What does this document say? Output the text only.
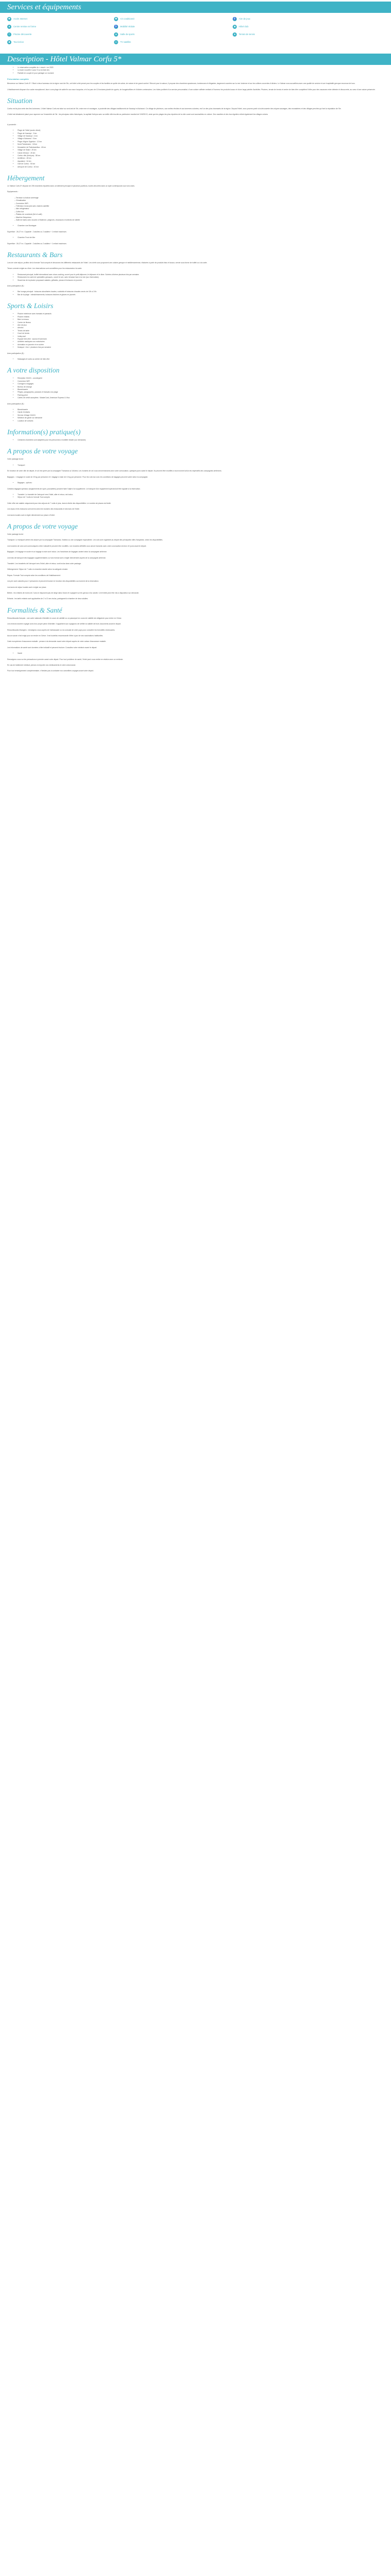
Services et équipements
✱	Accès Internet	✱	Air conditionné	♿ Aire de jeux
●	Centre remise en forme	♿ Mobilité réduite	■	Hôtel club
≈	Piscine découverte	●	Salle de sports	●	Terrain de tennis
■	Tout inclus	▭	TV satellite
Description - Hôtel Valmar Corfu 5*
• Le réservation complète du « resort » en 2023
• La toute nouvelle 4 pour 5 sur la liste des
• Parfaite en couple et pour partager un moment
Présentation complète

Bienvenue au Valmar Corfu 5* ! Situé à deux hameaux de la région nord de l'île, cet hôtel a été pensé pour les couples et les familles en quête de calme, de nature et de grand confort. Rénové pour la saison, il propose des chambres spacieuses, lumineuses et élégantes, largement ouvertes sur la mer Ionienne et sur les collines couvertes d'oliviers. Le Valmar vous accueillera avec une qualité de service et une hospitalité grecque reconnue de tous.

L'établissement dispose d'un cadre exceptionnel, face à une plage de sable fin aux eaux turquoise, et d'un parc de 10 hectares planté de cyprès, de bougainvilliers et d'oliviers centenaires. Les hôtes profitent d'un service personnalisé, d'une cuisine raffinée mettant à l'honneur les produits locaux et d'une large palette d'activités. Piscines, terrain de tennis et centre de bien-être complètent l'offre pour des vacances entre détente et découverte, au cœur d'une nature préservée.

Situation

Corfou est la plus verte des îles Ioniennes. L'hôtel Valmar Corfu est situé au nord-est de l'île, entre mer et montagne, à proximité des villages traditionnels de Kassiopi et Acharavi. Ce village de pêcheurs, aux ruelles étroites et aux tavernes colorées, est l'un des plus charmants de la région. Depuis l'hôtel, vous pourrez partir à la découverte des criques sauvages, des monastères et des villages perchés qui font la réputation de l'île.

L'hôtel est idéalement placé pour rayonner sur l'ensemble de l'île : les principaux sites historiques, la capitale Kerkyra avec sa vieille ville inscrite au patrimoine mondial de l'UNESCO, ainsi que les plages les plus réputées de la côte ouest sont accessibles en voiture. Des navettes et des bus réguliers relient également les villages voisins.

A proximité :

• Plage de l'hôtel (accès direct)
• Plage de Kassiopi : 3 km
• Village de Kassiopi : 4 km
• Village d'Acharavi : 9 km
• Plage d'Agios Spyridon : 12 km
• Mont Pantokrator : 18 km
• Monastère de Paleokastritsa : 45 km
• Village de Sidari : 25 km
• Canal d'Amour : 26 km
• Corfou ville (Kerkyra) : 38 km
• Achilleion : 45 km
• Aqualand : 34 km
• Golf de Corfou : 50 km
• Aéroport de Corfou : 40 km
Hébergement

Le Valmar Corfu 5* dispose de 205 chambres réparties dans un bâtiment principal et plusieurs pavillons, toutes décorées dans un style contemporain aux tons clairs.

Equipements :

– Terrasse ou balcon aménagé
– Climatisation
– Connexion WiFi
– Télévision écran plat avec chaînes satellite
– Mini réfrigérateur
– Coffre-fort
– Plateau de courtoisie (thé et café)
– Machine Nespresso
– Salle de bains avec douche à l'italienne, peignoirs, chaussons et articles de toilette
• Chambre vue Montagne

Superficie : 26-27 m². Capacité : 2 adultes ou 2 adultes + 1 enfant maximum.

• Chambre Front de Mer

Superficie : 26-27 m². Capacité : 2 adultes ou 2 adultes + 1 enfant maximum.

Restaurants & Bars

Lors de votre séjour, profitez de la formule Tout compris et découvrez les différents restaurants de l'hôtel. Les chefs vous proposent une cuisine grecque et méditerranéenne, élaborée à partir de produits frais et locaux, servie sous forme de buffet ou à la carte.

Tenue correcte exigée au dîner. Les réservations sont conseillées pour les restaurants à la carte.

• Restaurant principal, buffet international avec show-cooking, ouvert pour le petit-déjeuner, le déjeuner et le dîner. Soirées à thème plusieurs fois par semaine.
• Restaurant à la carte de spécialités grecques, ouvert le soir, avec terrasse face à la mer (sur réservation).
• Snack bar de la piscine proposant salades, grillades, pizzas et boissons en journée.

Avec participation (€) :

• Bar lounge principal : boissons alcoolisées locales, cocktails et boissons chaudes servis de 10h à 24h.
• Bar de la plage : rafraîchissements, boissons fraîches et glaces en journée.
Sports & Loisirs
• Piscine extérieure avec transats et parasols
• Piscine enfants
• Bain à remous
• Centre de fitness
• Aire de jeux
• Aérobic
• Tennis de table
• Court de tennis
• Volley-ball
• Espace bien-être : sauna et hammam
• Activités nautiques non motorisées
• Animation en journée et en soirée
• Musique « live » plusieurs fois par semaine

Avec participation (€) :

• Massages et soins au centre de bien-être
A votre disposition
• Réception 24h/24 - conciergerie
• Connexion WiFi
• Consigne à bagages
• Bureau de change
• Blanchisserie
• Pièges, paragraphes, parasols et transats à la plage
• Parking privé
• Cartes de crédit acceptées : MasterCard, American Express & Visa

Avec participation (€) :

• Blanchisserie
• Garde d'enfants
• Service d'étage 24h/24
• Médecin de garde sur demande
• Location de voitures
Information(s) pratique(s)
• Certaines chambres sont adaptées pour les personnes à mobilité réduite (sur demande).
A propos de votre voyage

Votre package inclut :

• Transport

En fonction de votre ville de départ, le vol est opéré par la compagnie Transavia ou Volotea. Les horaires de vol vous seront transmis avec votre convocation, quelques jours avant le départ. Ils peuvent être modifiés à tout moment selon les impératifs des compagnies aériennes.

Bagages : 1 bagage en soute de 20 kg par personne et 1 bagage à main de 10 kg par personne. Pour les vols low cost, les conditions de bagages peuvent varier selon la compagnie.

• Bagages - options :

Certains bagages spéciaux (équipements de sport, poussettes) peuvent faire l'objet d'un supplément. Le transport d'un équipement spécial doit être signalé à la réservation.

• Transfert. Le transfert de l'aéroport vers l'hôtel, aller et retour, est inclus.
• Séjour de 7 nuits en formule Tout compris

Cette offre est valable uniquement pour des séjours de 7 nuits et plus, dans la limite des disponibilités. Le nombre de places est limité.

Les repas et les boissons sont servis selon les horaires des restaurants et des bars de l'hôtel.

Les taxes locales sont à régler directement sur place à l'hôtel.

A propos de votre voyage

Votre package inclut :

Transport. Le transport aérien est assuré par la compagnie Transavia, Volotea ou une compagnie équivalente. Les vols sont organisés au départ des principales villes françaises, selon les disponibilités.

Les horaires de vols sont communiqués à titre indicatif et peuvent être modifiés. Les horaires définitifs vous seront transmis avec votre convocation environ 10 jours avant le départ.

Bagages. Un bagage en soute et un bagage à main sont inclus. Les franchises de bagages varient selon la compagnie aérienne.

Les frais de transport des bagages supplémentaires ou hors format sont à régler directement auprès de la compagnie aérienne.

Transfert. Les transferts de l'aéroport vers l'hôtel, aller et retour, sont inclus dans votre package.

Hébergement. Séjour de 7 nuits en chambre double selon la catégorie choisie.

Repas. Formule Tout compris selon les conditions de l'établissement.

Les prix sont calculés pour 2 personnes et peuvent évoluer en fonction des disponibilités au moment de la réservation.

Les taxes de séjour locales sont à régler sur place.

Bébés : les enfants de moins de 2 ans ne disposent pas de siège dans l'avion et voyagent sur les genoux d'un adulte. Un lit bébé peut être mis à disposition sur demande.

Enfants : les tarifs enfants sont applicables de 2 à 12 ans inclus, partageant la chambre de deux adultes.

Formalités & Santé

Ressortissants français : une carte nationale d'identité en cours de validité ou un passeport en cours de validité est obligatoire pour entrer en Grèce.

Les mineurs doivent voyager avec leur propre pièce d'identité. Il appartient aux voyageurs de vérifier la validité de leurs documents avant le départ.

Ressortissants étrangers : renseignez-vous auprès de l'ambassade ou du consulat de votre pays pour connaître les formalités nécessaires.

Aucun vaccin n'est exigé pour se rendre en Grèce. Il est toutefois recommandé d'être à jour de ses vaccinations habituelles.

Carte européenne d'assurance maladie : pensez à la demander avant votre départ auprès de votre caisse d'assurance maladie.

Les informations de santé sont données à titre indicatif et peuvent évoluer. Consultez votre médecin avant le départ.

• Santé

Renseignez-vous sur les précautions à prendre avant votre départ. Pour tout problème de santé, l'hôtel peut vous mettre en relation avec un médecin.

En cas de traitement médical, pensez à emporter vos médicaments et votre ordonnance.

Pour tout renseignement complémentaire, n'hésitez pas à contacter nos conseillers voyages avant votre départ.
